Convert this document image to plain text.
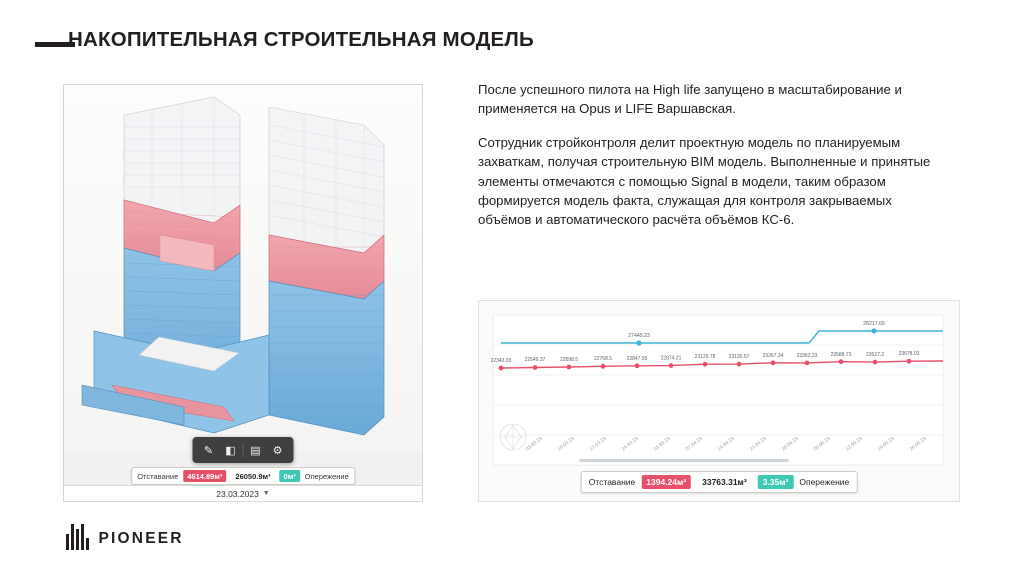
НАКОПИТЕЛЬНАЯ СТРОИТЕЛЬНАЯ МОДЕЛЬ
✎	◧	▤	⚙
Отставание	4614.89м³	26050.9м³	0м³	Опережение
23.03.2023 ▼

После успешного пилота на High life запущено в масштабирование и применяется на Opus и LIFE Варшавская.

Сотрудник стройконтроля делит проектную модель по планируемым захваткам, получая строительную BIM модель. Выполненные и принятые элементы отмечаются с помощью Signal в модели, таким образом формируется модель факта, служащая для контроля закрываемых объёмов и автоматического расчёта объёмов КС-6.

27445.23
28217.65
22343.93	22549.37	22598.5	22768.5	22847.55	22874.21	23129.78	23130.57	23367.34	23362.23	23588.73	23527.2	23678.03
03.03.23	10.03.23	17.03.23	24.03.23	31.03.23	07.04.23	14.04.23	21.04.23	28.04.23	05.05.23	12.05.23	19.05.23	26.05.23
Отставание	1394.24м³	33763.31м³	3.35м³	Опережение
PIONEER
